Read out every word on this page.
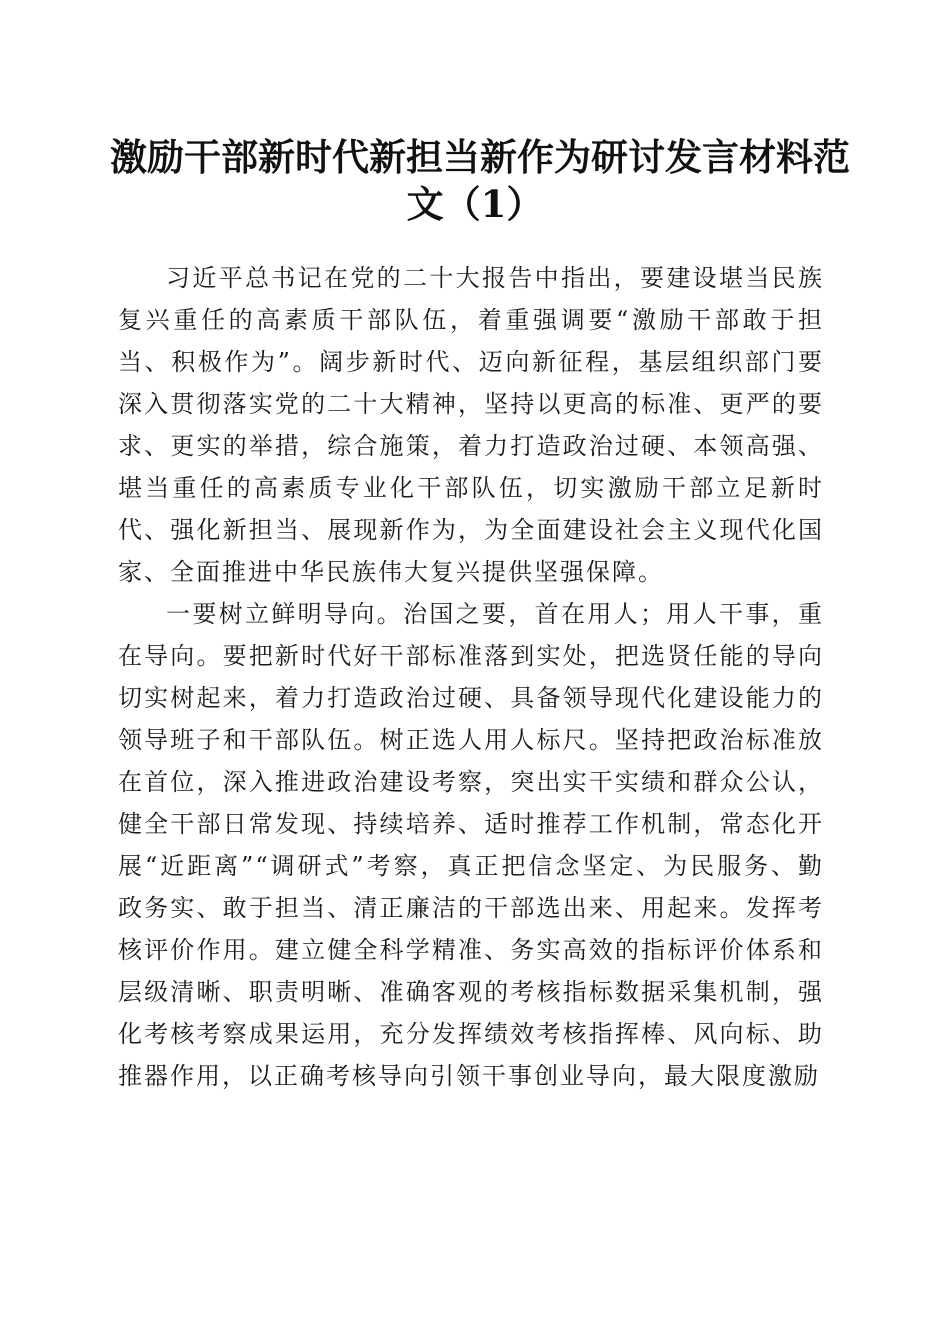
激励干部新时代新担当新作为研讨发言材料范
文（1）

习近平总书记在党的二十大报告中指出，要建设堪当民族复兴重任的高素质干部队伍，着重强调要“激励干部敢于担当、积极作为”。阔步新时代、迈向新征程，基层组织部门要深入贯彻落实党的二十大精神，坚持以更高的标准、更严的要求、更实的举措，综合施策，着力打造政治过硬、本领高强、堪当重任的高素质专业化干部队伍，切实激励干部立足新时代、强化新担当、展现新作为，为全面建设社会主义现代化国家、全面推进中华民族伟大复兴提供坚强保障。

一要树立鲜明导向。治国之要，首在用人；用人干事，重在导向。要把新时代好干部标准落到实处，把选贤任能的导向切实树起来，着力打造政治过硬、具备领导现代化建设能力的领导班子和干部队伍。树正选人用人标尺。坚持把政治标准放在首位，深入推进政治建设考察，突出实干实绩和群众公认，健全干部日常发现、持续培养、适时推荐工作机制，常态化开展“近距离”“调研式”考察，真正把信念坚定、为民服务、勤政务实、敢于担当、清正廉洁的干部选出来、用起来。发挥考核评价作用。建立健全科学精准、务实高效的指标评价体系和层级清晰、职责明晰、准确客观的考核指标数据采集机制，强化考核考察成果运用，充分发挥绩效考核指挥棒、风向标、助推器作用，以正确考核导向引领干事创业导向，最大限度激励
